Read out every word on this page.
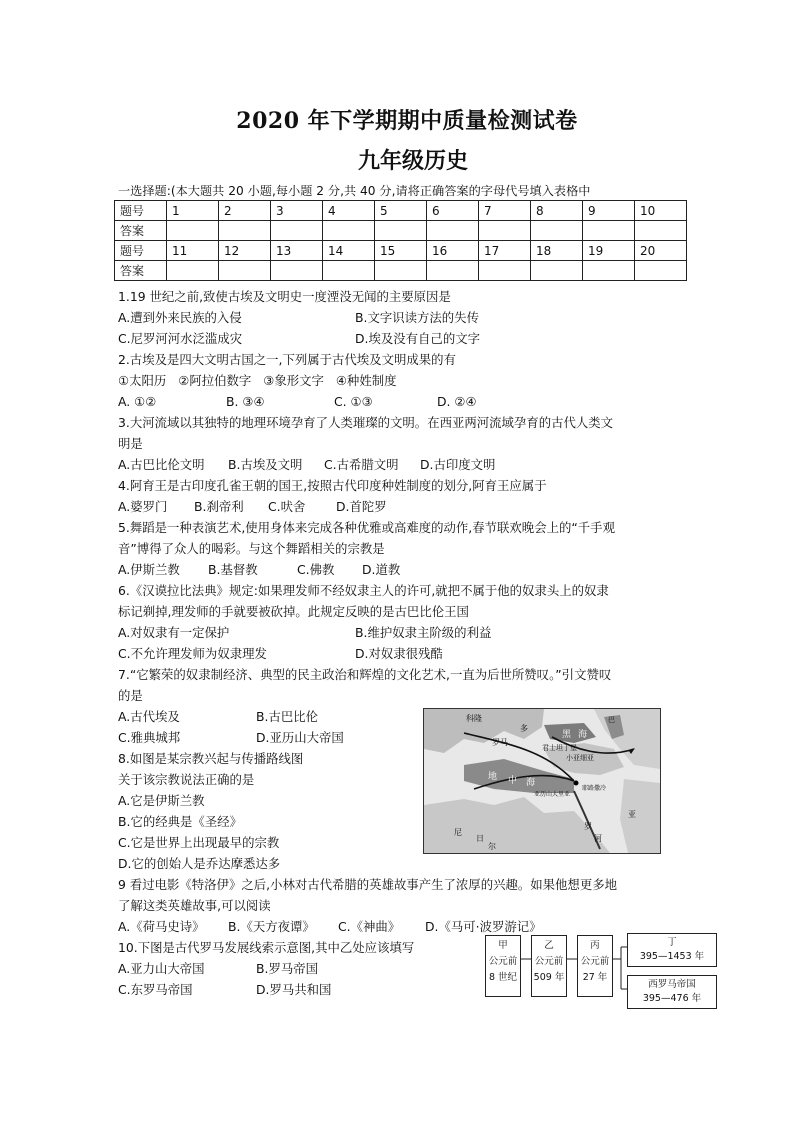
2020 年下学期期中质量检测试卷
九年级历史
一选择题:(本大题共 20 小题,每小题 2 分,共 40 分,请将正确答案的字母代号填入表格中
题号	1	2	3	4	5	6	7	8	9	10
答案										
题号	11	12	13	14	15	16	17	18	19	20
答案										
1.19 世纪之前,致使古埃及文明史一度湮没无闻的主要原因是
A.遭到外来民族的入侵	B.文字识读方法的失传
C.尼罗河河水泛滥成灾	D.埃及没有自己的文字
2.古埃及是四大文明古国之一,下列属于古代埃及文明成果的有
①太阳历 ②阿拉伯数字 ③象形文字 ④种姓制度
A. ①②	B. ③④	C. ①③	D. ②④
3.大河流域以其独特的地理环境孕育了人类璀璨的文明。在西亚两河流域孕育的古代人类文
明是
A.古巴比伦文明 B.古埃及文明 C.古希腊文明 D.古印度文明
4.阿育王是古印度孔雀王朝的国王,按照古代印度种姓制度的划分,阿育王应属于
A.婆罗门 B.刹帝利 C.吠舍 D.首陀罗
5.舞蹈是一种表演艺术,使用身体来完成各种优雅或高难度的动作,春节联欢晚会上的“千手观
音”博得了众人的喝彩。与这个舞蹈相关的宗教是
A.伊斯兰教 B.基督教	C.佛教 D.道教
6.《汉谟拉比法典》规定:如果理发师不经奴隶主人的许可,就把不属于他的奴隶头上的奴隶
标记剃掉,理发师的手就要被砍掉。此规定反映的是古巴比伦王国
A.对奴隶有一定保护	B.维护奴隶主阶级的利益
C.不允许理发师为奴隶理发	D.对奴隶很残酷
7.“它繁荣的奴隶制经济、典型的民主政治和辉煌的文化艺术,一直为后世所赞叹。”引文赞叹
的是
A.古代埃及	B.古巴比伦
C.雅典城邦	D.亚历山大帝国
8.如图是某宗教兴起与传播路线图
关于该宗教说法正确的是
A.它是伊斯兰教
B.它的经典是《圣经》
C.它是世界上出现最早的宗教
D.它的创始人是乔达摩悉达多
科隆
多
罗马
君士坦丁堡
黑 海
小亚细亚
地 中 海
亚历山大里亚
耶路撒冷
尼
日
尔
罗
河
亚
巴
9 看过电影《特洛伊》之后,小林对古代希腊的英雄故事产生了浓厚的兴趣。如果他想更多地
了解这类英雄故事,可以阅读
A.《荷马史诗》 B.《天方夜谭》 C.《神曲》 D.《马可·波罗游记》
10.下图是古代罗马发展线索示意图,其中乙处应该填写
A.亚力山大帝国	B.罗马帝国
C.东罗马帝国	D.罗马共和国
甲
公元前
8 世纪
乙
公元前
509 年
丙
公元前
27 年
丁
395—1453 年
西罗马帝国
395—476 年
